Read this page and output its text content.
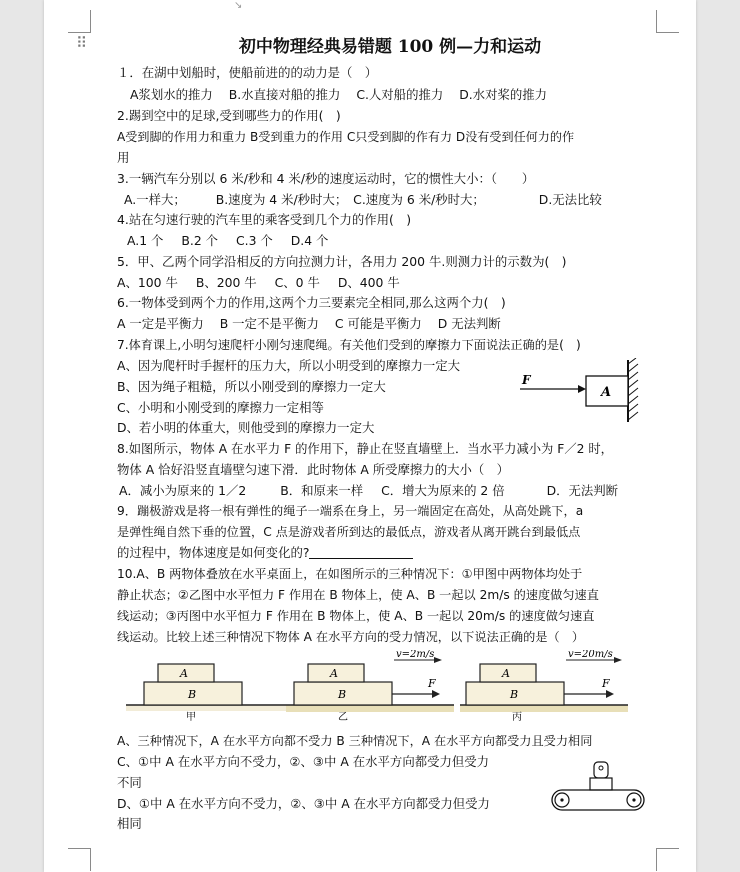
↘
⠿	初中物理经典易错题 100 例—力和运动
１．在湖中划船时，使船前进的的动力是（　）
A浆划水的推力 B.水直接对船的推力 C.人对船的推力 D.水对桨的推力
2.踢到空中的足球,受到哪些力的作用(　)
A受到脚的作用力和重力 B受到重力的作用 C只受到脚的作有力 D没有受到任何力的作
用
3.一辆汽车分别以 6 米/秒和 4 米/秒的速度运动时，它的惯性大小：（　　）
A.一样大； B.速度为 4 米/秒时大； C.速度为 6 米/秒时大；	D.无法比较
4.站在匀速行驶的汽车里的乘客受到几个力的作用(　)
A.1 个 B.2 个 C.3 个 D.4 个
5．甲、乙两个同学沿相反的方向拉测力计，各用力 200 牛.则测力计的示数为(　)
A、100 牛 B、200 牛 C、0 牛 D、400 牛
6.一物体受到两个力的作用,这两个力三要素完全相同,那么这两个力(　)
A 一定是平衡力 B 一定不是平衡力 C 可能是平衡力 D 无法判断
7.体育课上,小明匀速爬杆小刚匀速爬绳。有关他们受到的摩擦力下面说法正确的是(　)
A、因为爬杆时手握杆的压力大，所以小明受到的摩擦力一定大
B、因为绳子粗糙，所以小刚受到的摩擦力一定大
C、小明和小刚受到的摩擦力一定相等
D、若小明的体重大，则他受到的摩擦力一定大
A
F
8.如图所示，物体 A 在水平力 F 的作用下，静止在竖直墙壁上．当水平力减小为 F／2 时，
物体 A 恰好沿竖直墙壁匀速下滑．此时物体 A 所受摩擦力的大小（　）
A．减小为原来的 1／2	B．和原来一样 C．增大为原来的 2 倍	D．无法判断
9．蹦极游戏是将一根有弹性的绳子一端系在身上，另一端固定在高处，从高处跳下，a
是弹性绳自然下垂的位置，C 点是游戏者所到达的最低点，游戏者从离开跳台到最低点
的过程中，物体速度是如何变化的?
10.A、B 两物体叠放在水平桌面上，在如图所示的三种情况下：①甲图中两物体均处于
静止状态；②乙图中水平恒力 F 作用在 B 物体上，使 A、B 一起以 2m/s 的速度做匀速直
线运动；③丙图中水平恒力 F 作用在 B 物体上，使 A、B 一起以 20m/s 的速度做匀速直
线运动。比较上述三种情况下物体 A 在水平方向的受力情况，以下说法正确的是（　）
A
B
甲
A
B
F
v=2m/s
乙
A
B
F
v=20m/s
丙
A、三种情况下，A 在水平方向都不受力 B 三种情况下，A 在水平方向都受力且受力相同
C、①中 A 在水平方向不受力，②、③中 A 在水平方向都受力但受力
不同
D、①中 A 在水平方向不受力，②、③中 A 在水平方向都受力但受力
相同
